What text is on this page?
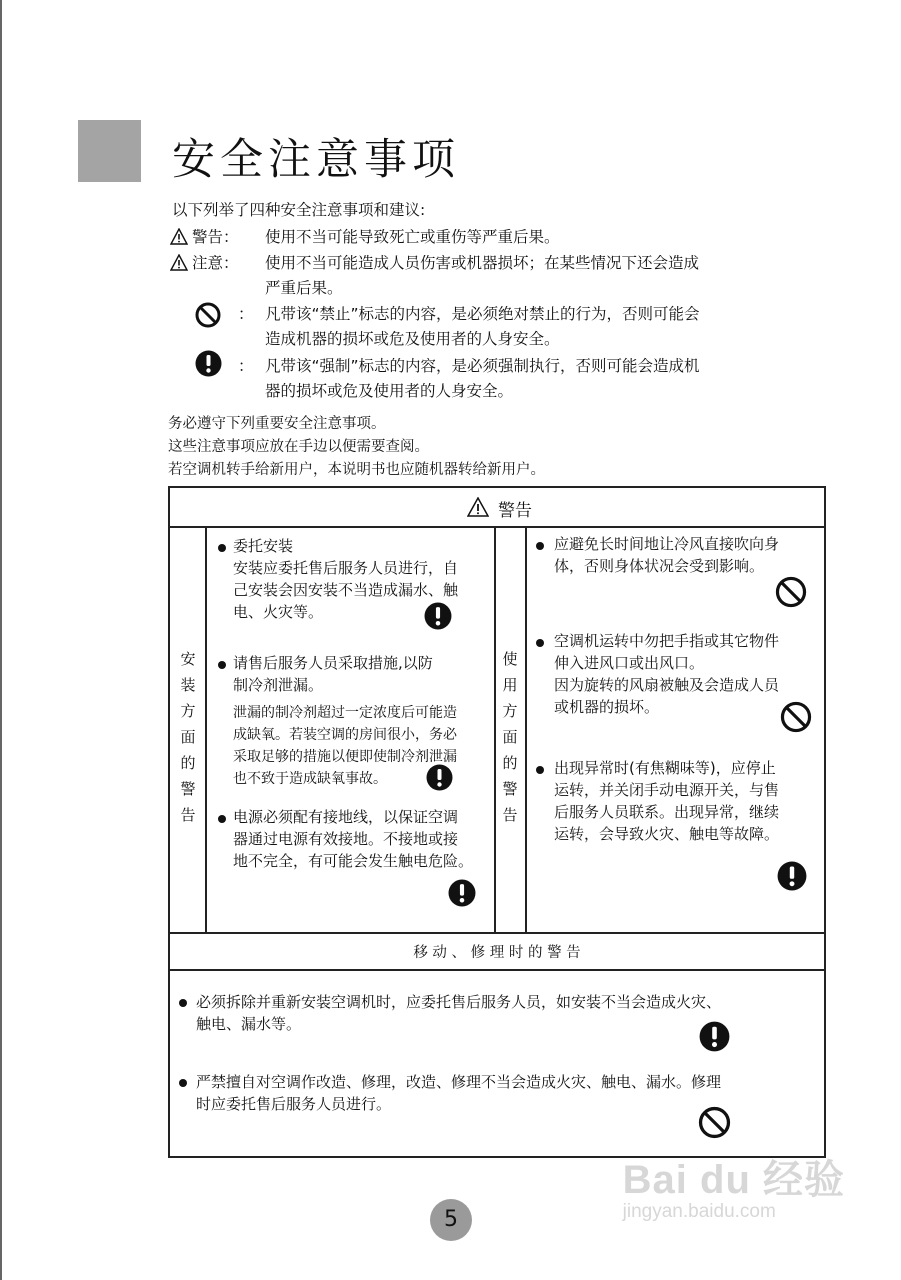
安全注意事项
以下列举了四种安全注意事项和建议:
警告： 使用不当可能导致死亡或重伤等严重后果。
注意： 使用不当可能造成人员伤害或机器损坏；在某些情况下还会造成
严重后果。
： 凡带该“禁止”标志的内容，是必须绝对禁止的行为，否则可能会
造成机器的损坏或危及使用者的人身安全。
： 凡带该“强制”标志的内容，是必须强制执行，否则可能会造成机
器的损坏或危及使用者的人身安全。
务必遵守下列重要安全注意事项。
这些注意事项应放在手边以便需要查阅。
若空调机转手给新用户，本说明书也应随机器转给新用户。
警告
安
装
方
面
的
警
告
使
用
方
面
的
警
告
委托安装
安装应委托售后服务人员进行，自
己安装会因安装不当造成漏水、触
电、火灾等。
请售后服务人员采取措施,以防
制冷剂泄漏。
泄漏的制冷剂超过一定浓度后可能造
成缺氧。若装空调的房间很小，务必
采取足够的措施以便即使制冷剂泄漏
也不致于造成缺氧事故。
电源必须配有接地线，以保证空调
器通过电源有效接地。不接地或接
地不完全，有可能会发生触电危险。
应避免长时间地让冷风直接吹向身
体，否则身体状况会受到影响。
空调机运转中勿把手指或其它物件
伸入进风口或出风口。
因为旋转的风扇被触及会造成人员
或机器的损坏。
出现异常时(有焦糊味等)，应停止
运转，并关闭手动电源开关，与售
后服务人员联系。出现异常，继续
运转，会导致火灾、触电等故障。
移 动 、 修 理 时 的 警 告
必须拆除并重新安装空调机时，应委托售后服务人员，如安装不当会造成火灾、
触电、漏水等。
严禁擅自对空调作改造、修理，改造、修理不当会造成火灾、触电、漏水。修理
时应委托售后服务人员进行。
Bai du 经验
jingyan.baidu.com
5
